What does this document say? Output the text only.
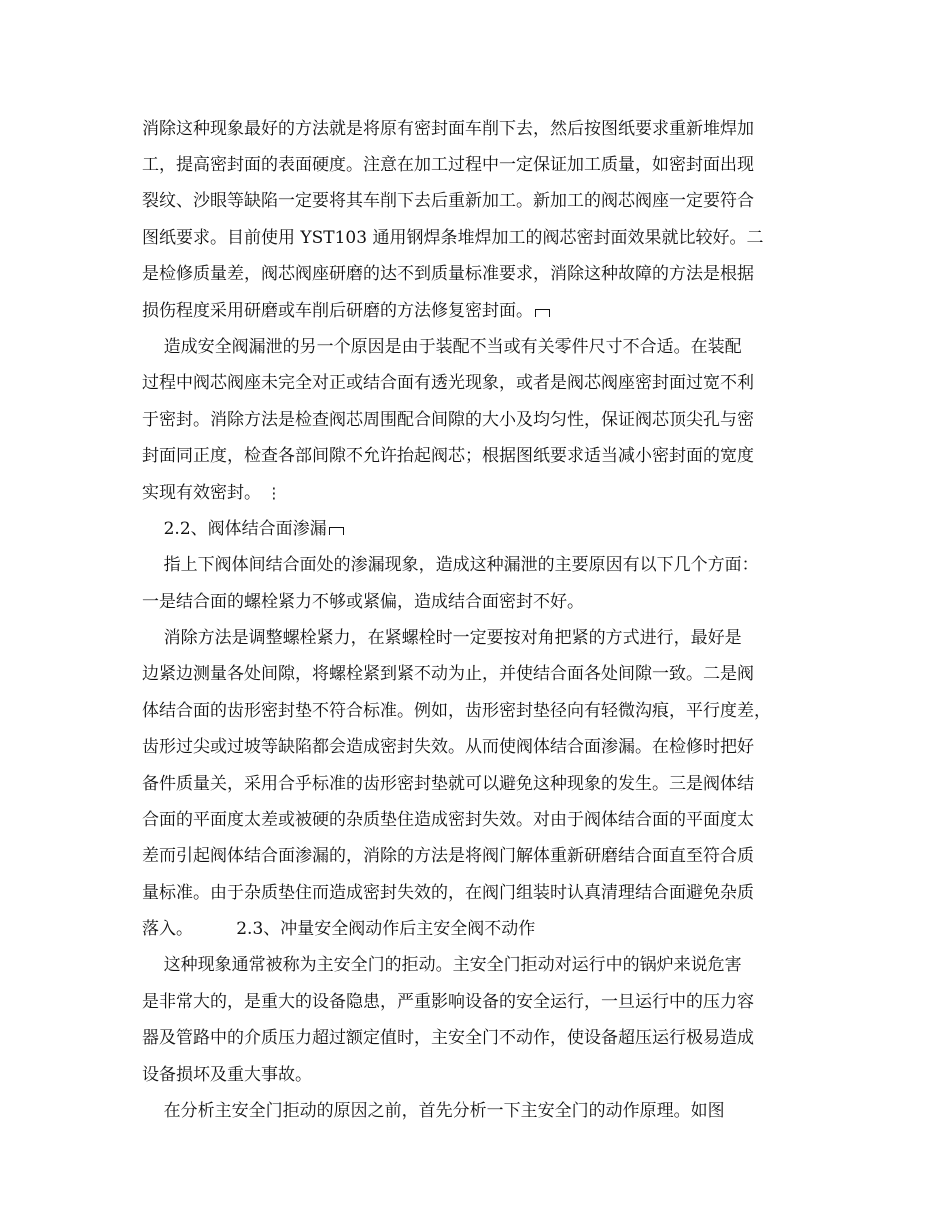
消除这种现象最好的方法就是将原有密封面车削下去，然后按图纸要求重新堆焊加
工，提高密封面的表面硬度。注意在加工过程中一定保证加工质量，如密封面出现
裂纹、沙眼等缺陷一定要将其车削下去后重新加工。新加工的阀芯阀座一定要符合
图纸要求。目前使用 YST103 通用钢焊条堆焊加工的阀芯密封面效果就比较好。二
是检修质量差，阀芯阀座研磨的达不到质量标准要求，消除这种故障的方法是根据
损伤程度采用研磨或车削后研磨的方法修复密封面。
造成安全阀漏泄的另一个原因是由于装配不当或有关零件尺寸不合适。在装配
过程中阀芯阀座未完全对正或结合面有透光现象，或者是阀芯阀座密封面过宽不利
于密封。消除方法是检查阀芯周围配合间隙的大小及均匀性，保证阀芯顶尖孔与密
封面同正度，检查各部间隙不允许抬起阀芯；根据图纸要求适当减小密封面的宽度
实现有效密封。 ⋮
2.2、阀体结合面渗漏
指上下阀体间结合面处的渗漏现象，造成这种漏泄的主要原因有以下几个方面：
一是结合面的螺栓紧力不够或紧偏，造成结合面密封不好。
消除方法是调整螺栓紧力，在紧螺栓时一定要按对角把紧的方式进行，最好是
边紧边测量各处间隙，将螺栓紧到紧不动为止，并使结合面各处间隙一致。二是阀
体结合面的齿形密封垫不符合标准。例如，齿形密封垫径向有轻微沟痕，平行度差，
齿形过尖或过坡等缺陷都会造成密封失效。从而使阀体结合面渗漏。在检修时把好
备件质量关，采用合乎标准的齿形密封垫就可以避免这种现象的发生。三是阀体结
合面的平面度太差或被硬的杂质垫住造成密封失效。对由于阀体结合面的平面度太
差而引起阀体结合面渗漏的，消除的方法是将阀门解体重新研磨结合面直至符合质
量标准。由于杂质垫住而造成密封失效的，在阀门组装时认真清理结合面避免杂质
落入。        2.3、冲量安全阀动作后主安全阀不动作
这种现象通常被称为主安全门的拒动。主安全门拒动对运行中的锅炉来说危害
是非常大的，是重大的设备隐患，严重影响设备的安全运行，一旦运行中的压力容
器及管路中的介质压力超过额定值时，主安全门不动作，使设备超压运行极易造成
设备损坏及重大事故。
在分析主安全门拒动的原因之前，首先分析一下主安全门的动作原理。如图
